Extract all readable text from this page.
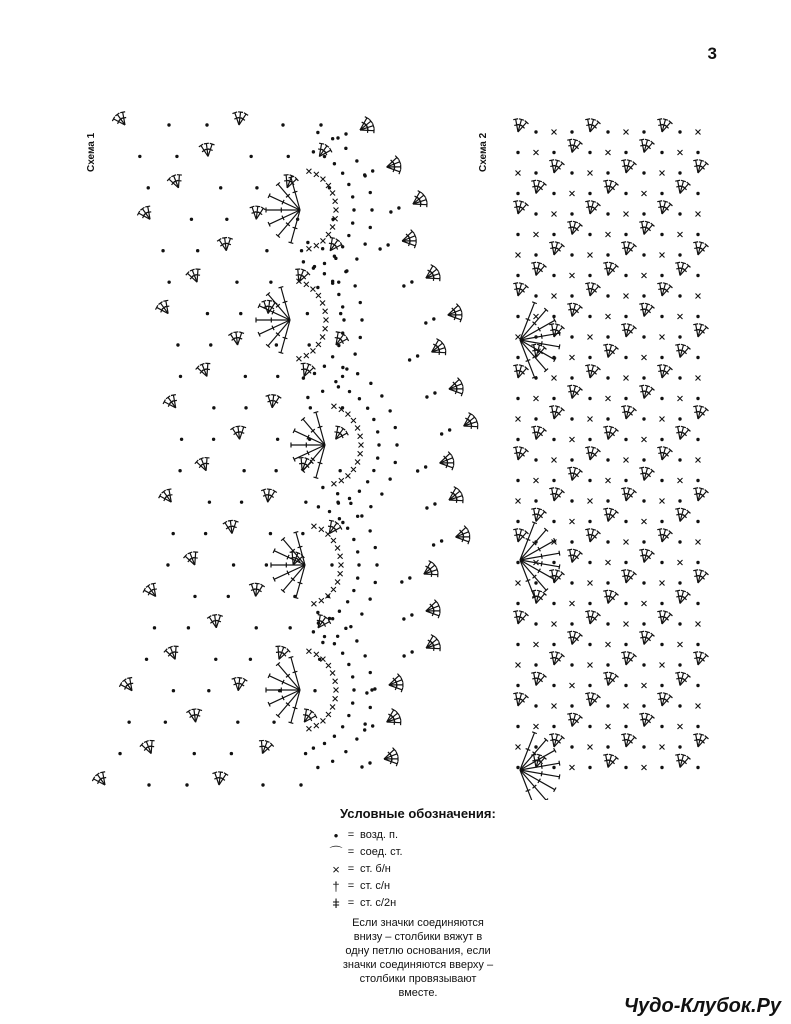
3
Схема 1	Схема 2
Условные обозначения:
• = возд. п.
⌒ = соед. ст.
× = ст. б/н
† = ст. с/н
ǂ = ст. с/2н
Если значки соединяются внизу – столбики вяжут в одну петлю основания, если значки соединяются вверху – столбики провязывают вместе.
Чудо-Клубок.Ру
